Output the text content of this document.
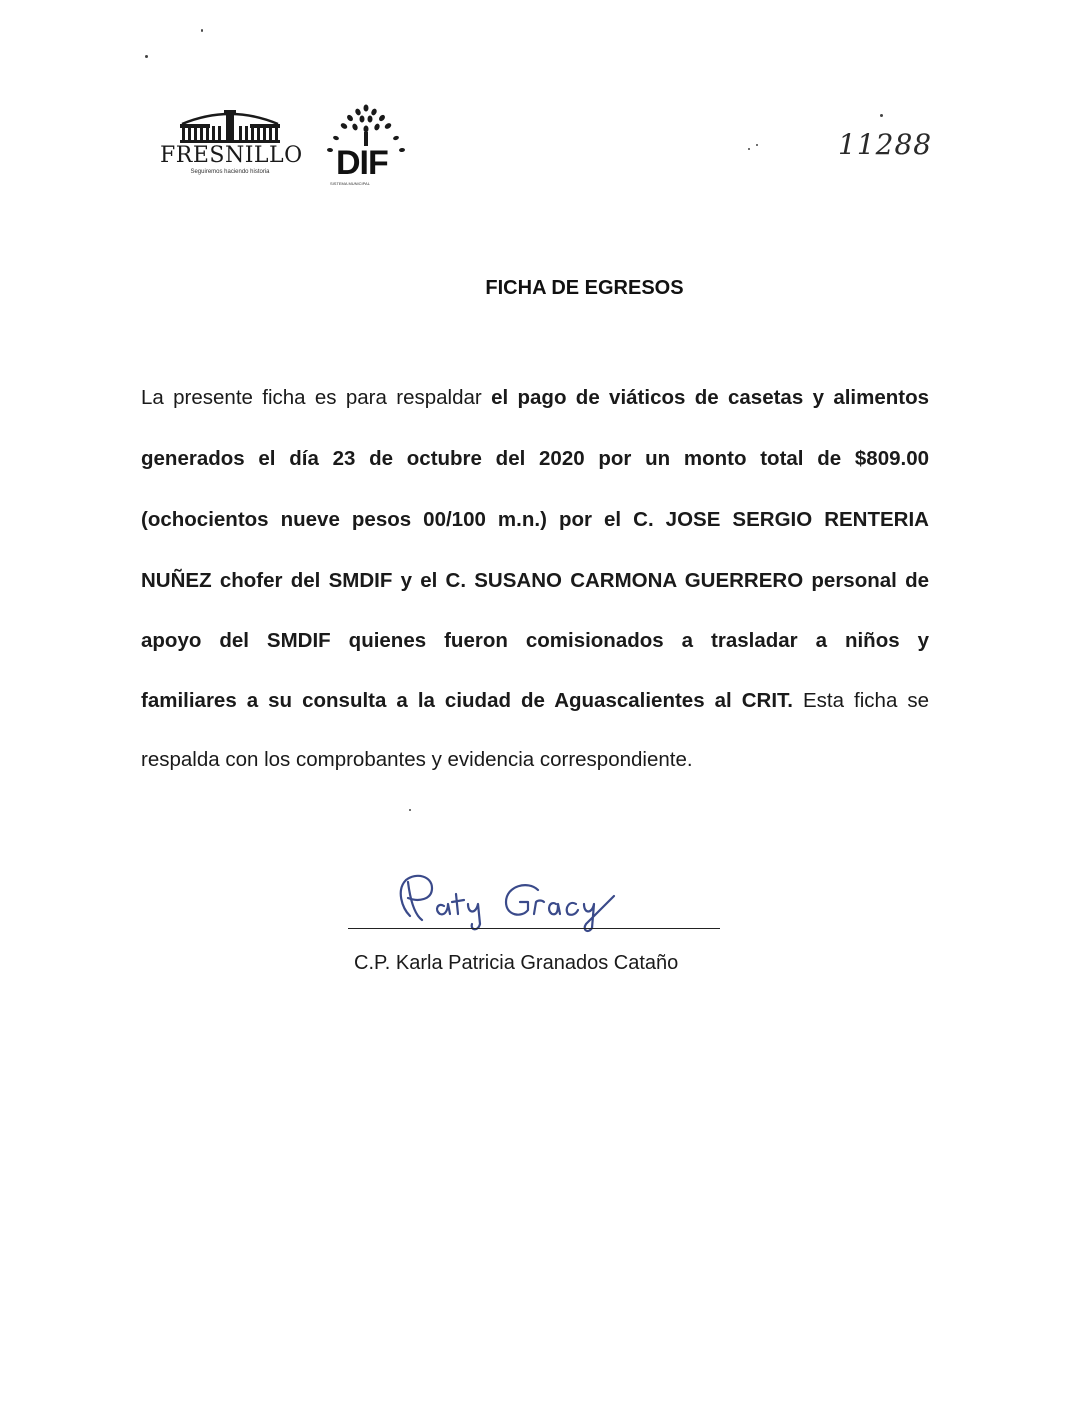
FRESNILLO
Seguiremos haciendo historia	DIF
SISTEMA MUNICIPAL
11288
FICHA DE EGRESOS
La presente ficha es para respaldar el pago de viáticos de casetas y alimentos
generados el día 23 de octubre del 2020 por un monto total de $809.00
(ochocientos nueve pesos 00/100 m.n.) por el C. JOSE SERGIO RENTERIA
NUÑEZ chofer del SMDIF y el C. SUSANO CARMONA GUERRERO personal de
apoyo del SMDIF quienes fueron comisionados a trasladar a niños y
familiares a su consulta a la ciudad de Aguascalientes al CRIT. Esta ficha se
respalda con los comprobantes y evidencia correspondiente.
C.P. Karla Patricia Granados Cataño
